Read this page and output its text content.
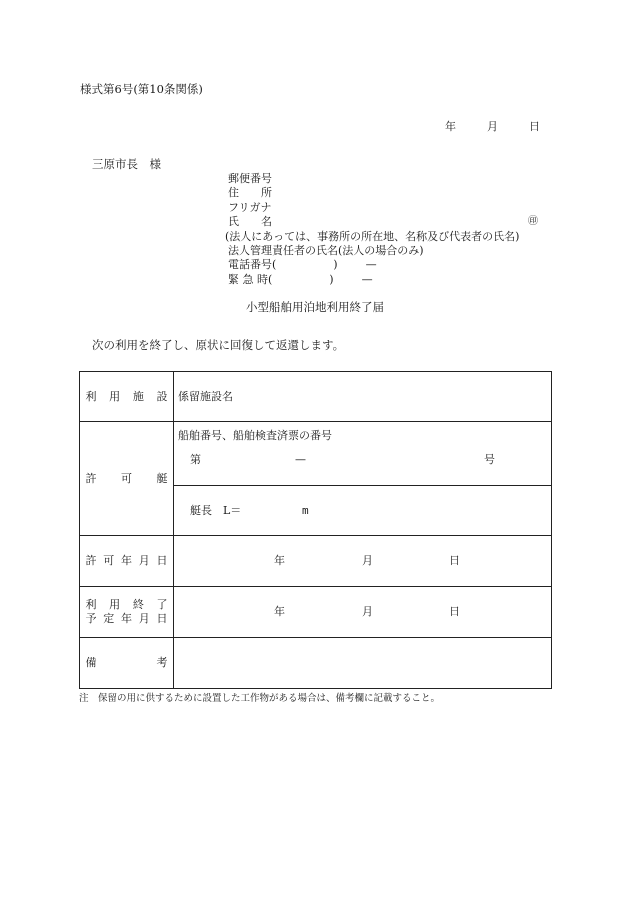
様式第6号(第10条関係)
年	月	日
三原市長　様
郵便番号
住　　所
フリガナ
氏　　名	㊞
(法人にあっては、事務所の所在地、名称及び代表者の氏名)
法人管理責任者の氏名(法人の場合のみ)
電話番号(	)	—
緊 急 時(	)	—
小型船舶用泊地利用終了届
次の利用を終了し、原状に回復して返還します。
利用施設	係留施設名
許可艇	船舶番号、船舶検査済票の番号
第 — 号

	艇長　L＝ m

許可年月日	年 月 日

利用終了
予定年月日	年 月 日

備考	
注　保留の用に供するために設置した工作物がある場合は、備考欄に記載すること。
